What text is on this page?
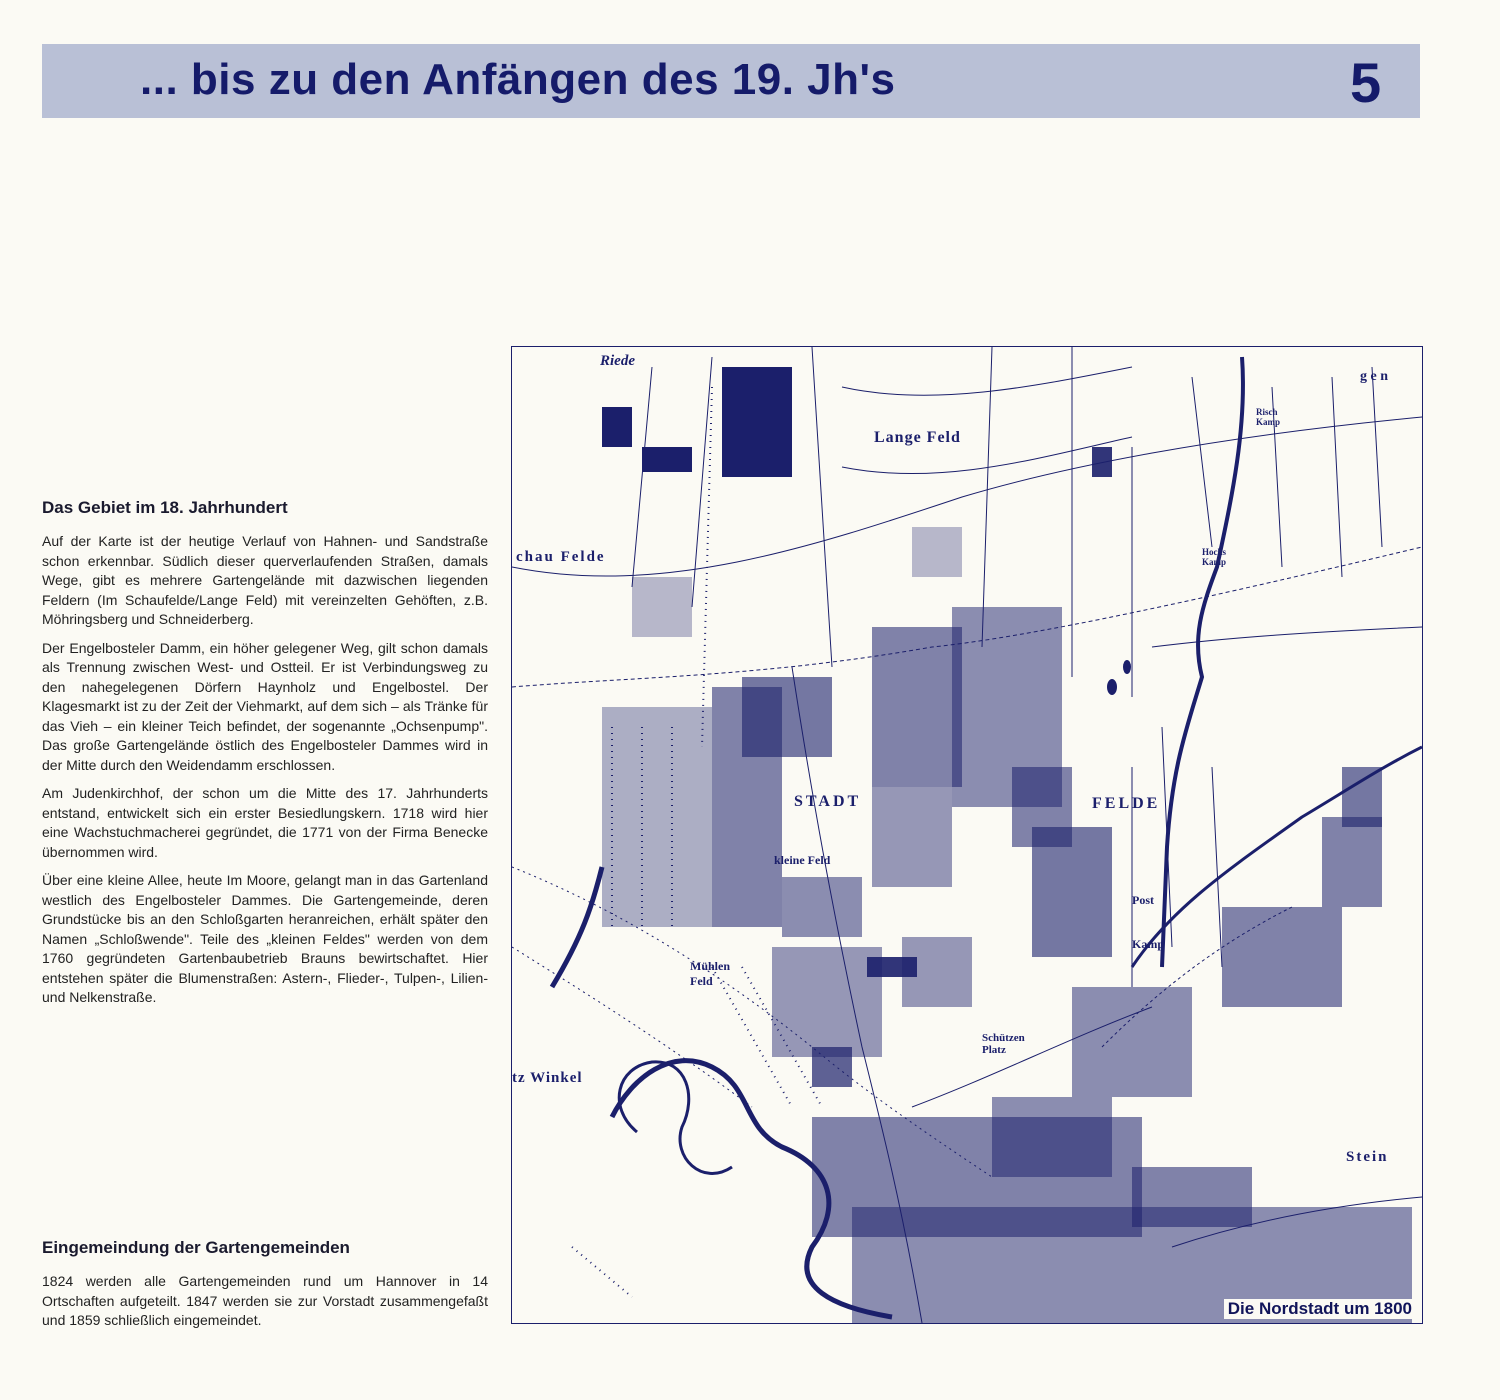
... bis zu den Anfängen des 19. Jh's	5
Das Gebiet im 18. Jahrhundert

Auf der Karte ist der heutige Verlauf von Hahnen- und Sandstraße schon erkennbar. Südlich dieser querverlaufenden Straßen, damals Wege, gibt es mehrere Gartengelände mit dazwischen liegenden Feldern (Im Schaufelde/Lange Feld) mit vereinzelten Gehöften, z.B. Möhringsberg und Schneiderberg.

Der Engelbosteler Damm, ein höher gelegener Weg, gilt schon damals als Trennung zwischen West- und Ostteil. Er ist Verbindungsweg zu den nahegelegenen Dörfern Haynholz und Engelbostel. Der Klagesmarkt ist zu der Zeit der Viehmarkt, auf dem sich – als Tränke für das Vieh – ein kleiner Teich befindet, der sogenannte „Ochsenpump". Das große Gartengelände östlich des Engelbosteler Dammes wird in der Mitte durch den Weidendamm erschlossen.

Am Judenkirchhof, der schon um die Mitte des 17. Jahrhunderts entstand, entwickelt sich ein erster Besiedlungskern. 1718 wird hier eine Wachstuchmacherei gegründet, die 1771 von der Firma Benecke übernommen wird.

Über eine kleine Allee, heute Im Moore, gelangt man in das Gartenland westlich des Engelbosteler Dammes. Die Gartengemeinde, deren Grundstücke bis an den Schloßgarten heranreichen, erhält später den Namen „Schloßwende". Teile des „kleinen Feldes" werden von dem 1760 gegründeten Gartenbaubetrieb Brauns bewirtschaftet. Hier entstehen später die Blumenstraßen: Astern-, Flieder-, Tulpen-, Lilien- und Nelkenstraße.

Eingemeindung der Gartengemeinden

1824 werden alle Gartengemeinden rund um Hannover in 14 Ortschaften aufgeteilt. 1847 werden sie zur Vorstadt zusammengefaßt und 1859 schließlich eingemeindet.

Lange Feld
Riede
chau Felde
STADT	FELDE
kleine Feld
Post
Kamp
Mühlen Feld
Schützen Platz
tz Winkel
Stein
g e n
Risch Kamp
Hocks Kamp
Die Nordstadt um 1800
